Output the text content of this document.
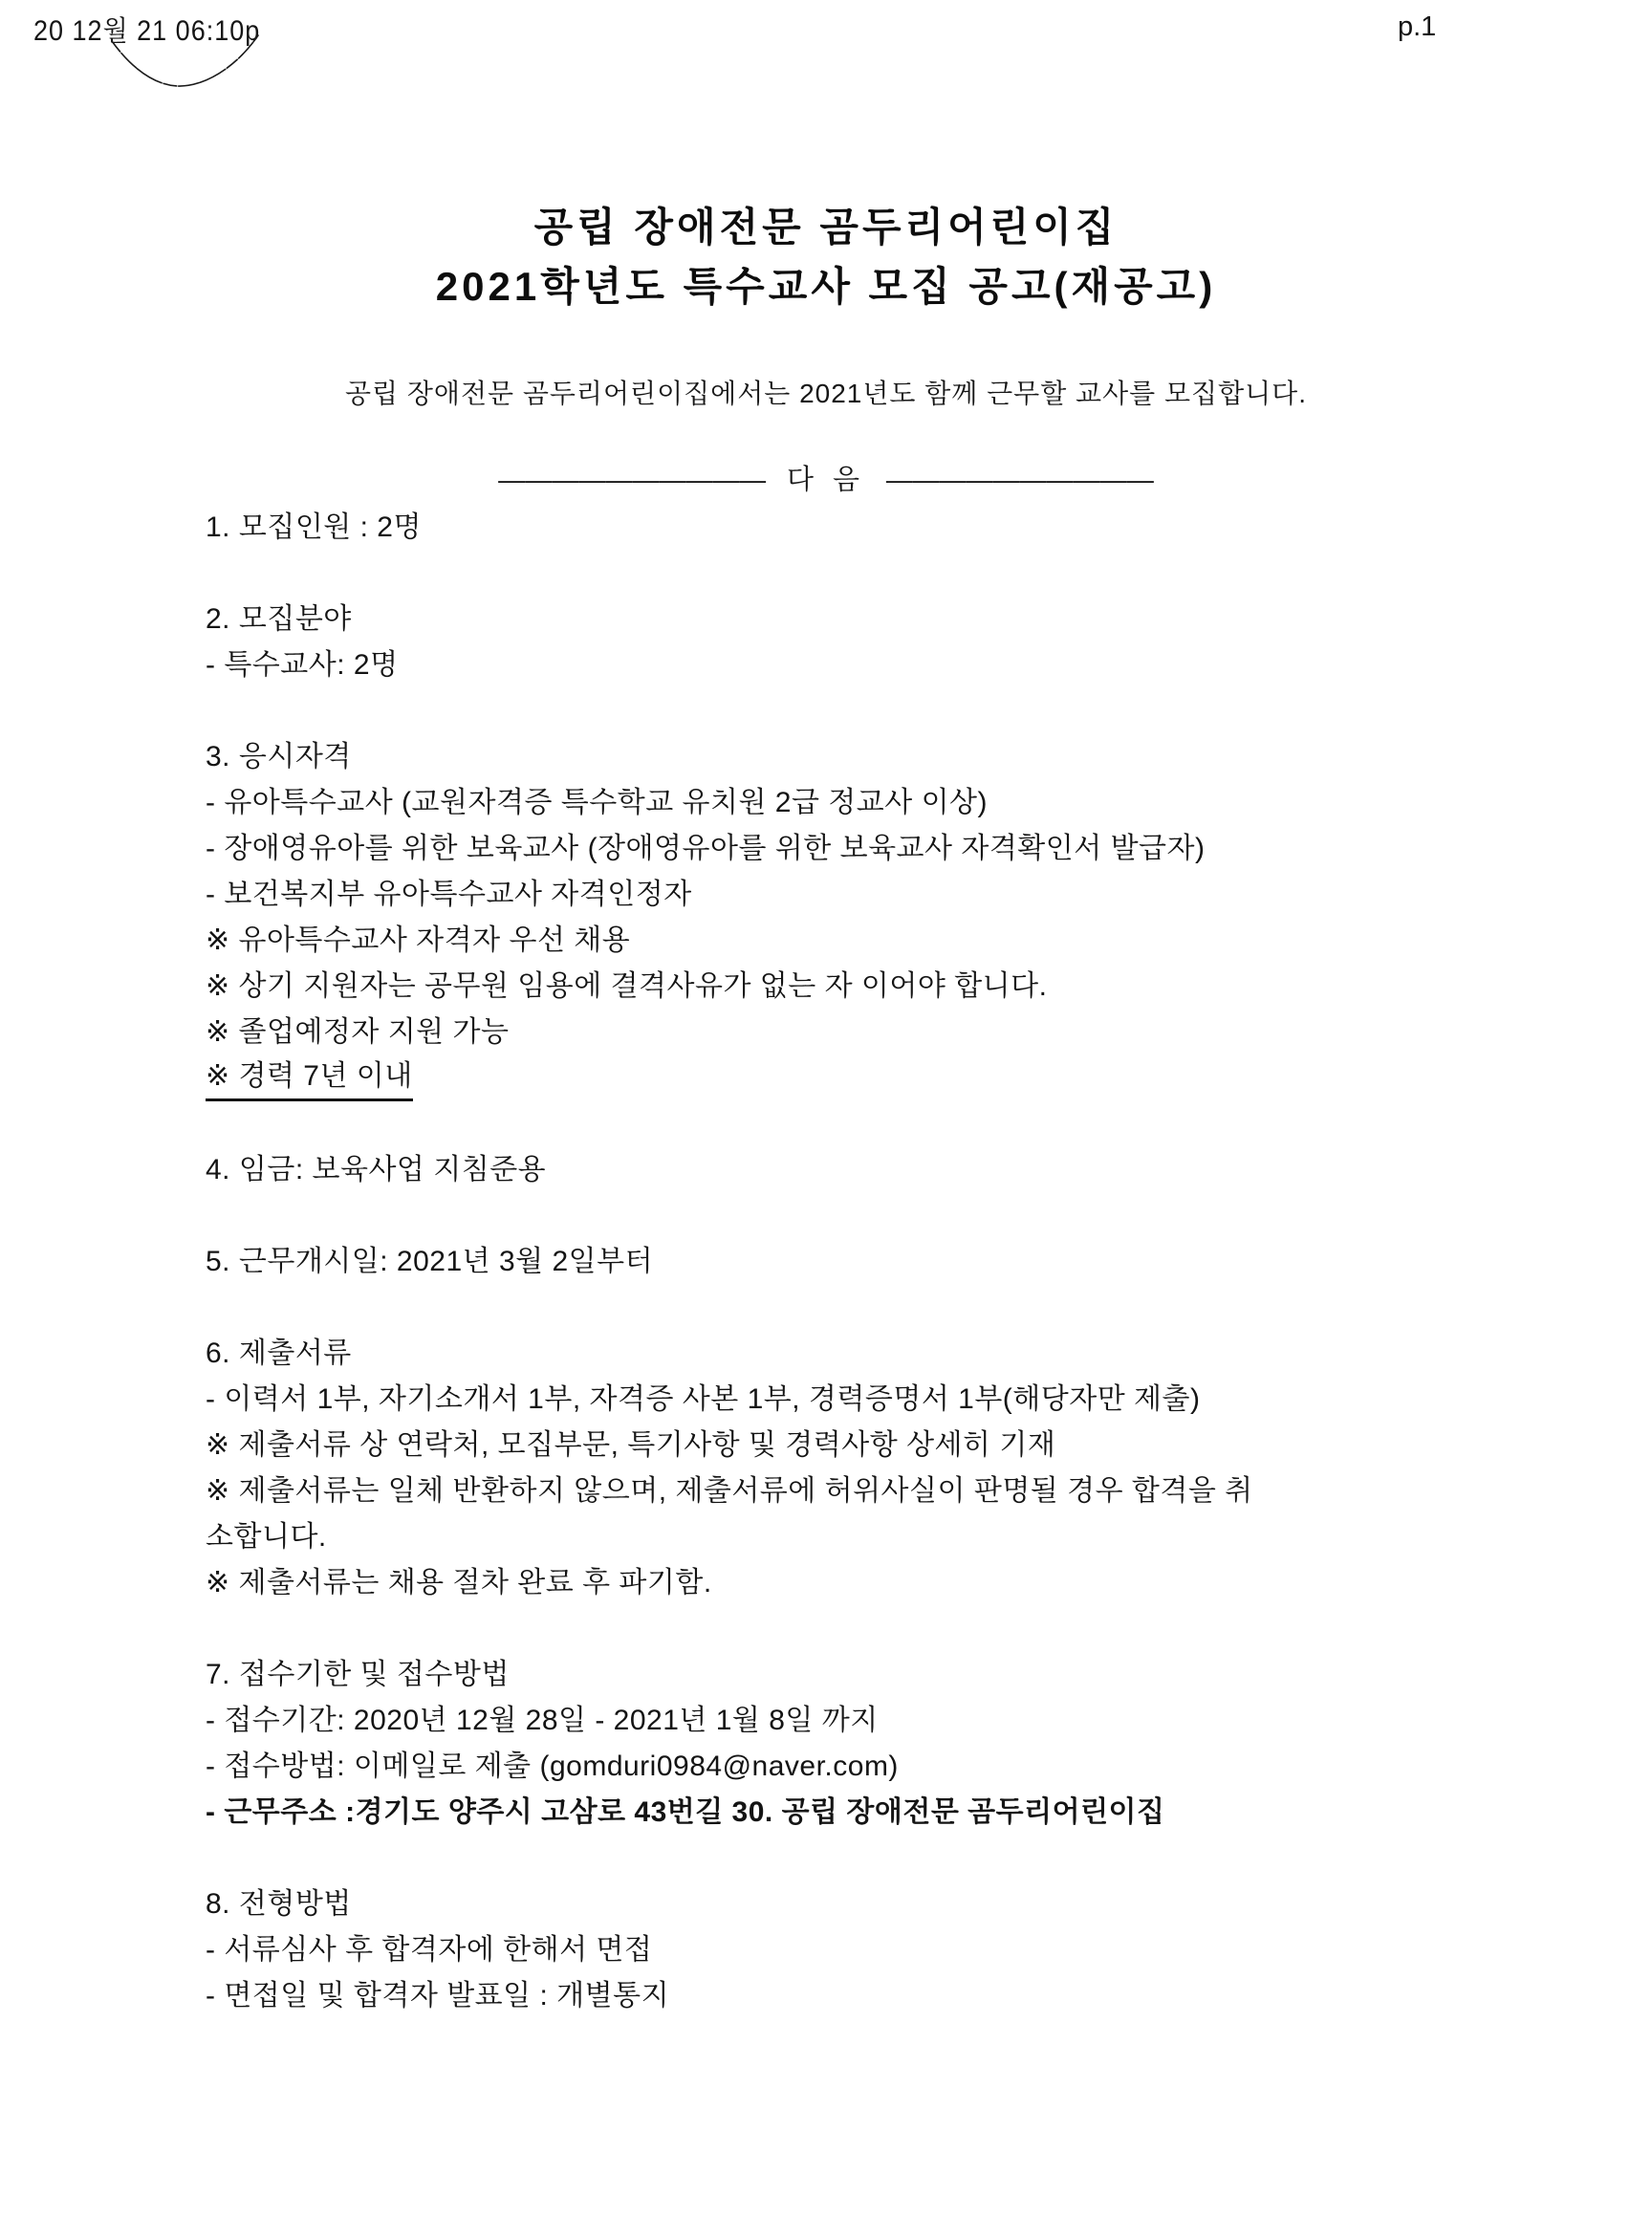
20 12월 21 06:10p	p.1
공립 장애전문 곰두리어린이집
2021학년도 특수교사 모집 공고(재공고)
공립 장애전문 곰두리어린이집에서는 2021년도 함께 근무할 교사를 모집합니다.
—————————— 다 음 ——————————
1. 모집인원 : 2명
2. 모집분야
- 특수교사: 2명
3. 응시자격
- 유아특수교사 (교원자격증 특수학교 유치원 2급 정교사 이상)
- 장애영유아를 위한 보육교사 (장애영유아를 위한 보육교사 자격확인서 발급자)
- 보건복지부 유아특수교사 자격인정자
※ 유아특수교사 자격자 우선 채용
※ 상기 지원자는 공무원 임용에 결격사유가 없는 자 이어야 합니다.
※ 졸업예정자 지원 가능
※ 경력 7년 이내
4. 임금: 보육사업 지침준용
5. 근무개시일: 2021년 3월 2일부터
6. 제출서류
- 이력서 1부, 자기소개서 1부, 자격증 사본 1부, 경력증명서 1부(해당자만 제출)
※ 제출서류 상 연락처, 모집부문, 특기사항 및 경력사항 상세히 기재
※ 제출서류는 일체 반환하지 않으며, 제출서류에 허위사실이 판명될 경우 합격을 취
소합니다.
※ 제출서류는 채용 절차 완료 후 파기함.
7. 접수기한 및 접수방법
- 접수기간: 2020년 12월 28일 - 2021년 1월 8일 까지
- 접수방법: 이메일로 제출 (gomduri0984@naver.com)
- 근무주소 :경기도 양주시 고삼로 43번길 30. 공립 장애전문 곰두리어린이집
8. 전형방법
- 서류심사 후 합격자에 한해서 면접
- 면접일 및 합격자 발표일 : 개별통지
